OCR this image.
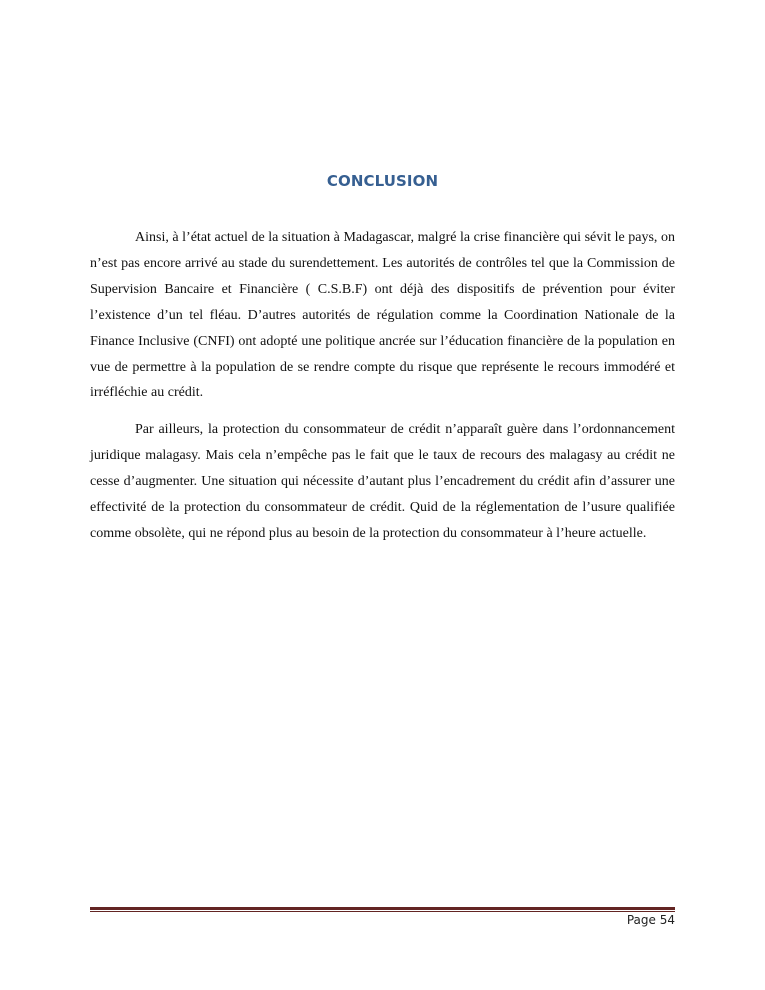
CONCLUSION

Ainsi, à l’état actuel de la situation à Madagascar, malgré la crise financière qui sévit le pays, on n’est pas encore arrivé au stade du surendettement. Les autorités de contrôles tel que la Commission de Supervision Bancaire et Financière ( C.S.B.F) ont déjà des dispositifs de prévention pour éviter l’existence d’un tel fléau. D’autres autorités de régulation comme la Coordination Nationale de la Finance Inclusive (CNFI) ont adopté une politique ancrée sur l’éducation financière de la population en vue de permettre à la population de se rendre compte du risque que représente le recours immodéré et irréfléchie au crédit.

Par ailleurs, la protection du consommateur de crédit n’apparaît guère dans l’ordonnancement juridique malagasy. Mais cela n’empêche pas le fait que le taux de recours des malagasy au crédit ne cesse d’augmenter. Une situation qui nécessite d’autant plus l’encadrement du crédit afin d’assurer une effectivité de la protection du consommateur de crédit. Quid de la réglementation de l’usure qualifiée comme obsolète, qui ne répond plus au besoin de la protection du consommateur à l’heure actuelle.

Page 54
